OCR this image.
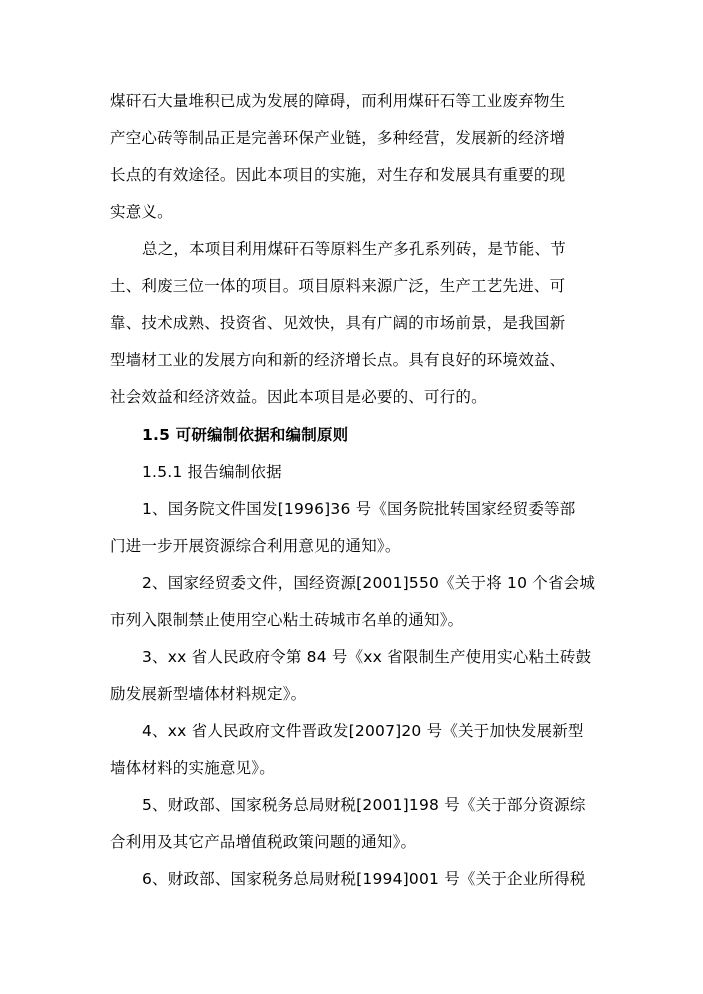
煤矸石大量堆积已成为发展的障碍，而利用煤矸石等工业废弃物生
产空心砖等制品正是完善环保产业链，多种经营，发展新的经济增
长点的有效途径。因此本项目的实施，对生存和发展具有重要的现
实意义。
总之，本项目利用煤矸石等原料生产多孔系列砖，是节能、节
土、利废三位一体的项目。项目原料来源广泛，生产工艺先进、可
靠、技术成熟、投资省、见效快，具有广阔的市场前景，是我国新
型墙材工业的发展方向和新的经济增长点。具有良好的环境效益、
社会效益和经济效益。因此本项目是必要的、可行的。
1.5 可研编制依据和编制原则
1.5.1 报告编制依据
1、国务院文件国发[1996]36 号《国务院批转国家经贸委等部
门进一步开展资源综合利用意见的通知》。
2、国家经贸委文件，国经资源[2001]550《关于将 10 个省会城
市列入限制禁止使用空心粘土砖城市名单的通知》。
3、xx 省人民政府令第 84 号《xx 省限制生产使用实心粘土砖鼓
励发展新型墙体材料规定》。
4、xx 省人民政府文件晋政发[2007]20 号《关于加快发展新型
墙体材料的实施意见》。
5、财政部、国家税务总局财税[2001]198 号《关于部分资源综
合利用及其它产品增值税政策问题的通知》。
6、财政部、国家税务总局财税[1994]001 号《关于企业所得税
